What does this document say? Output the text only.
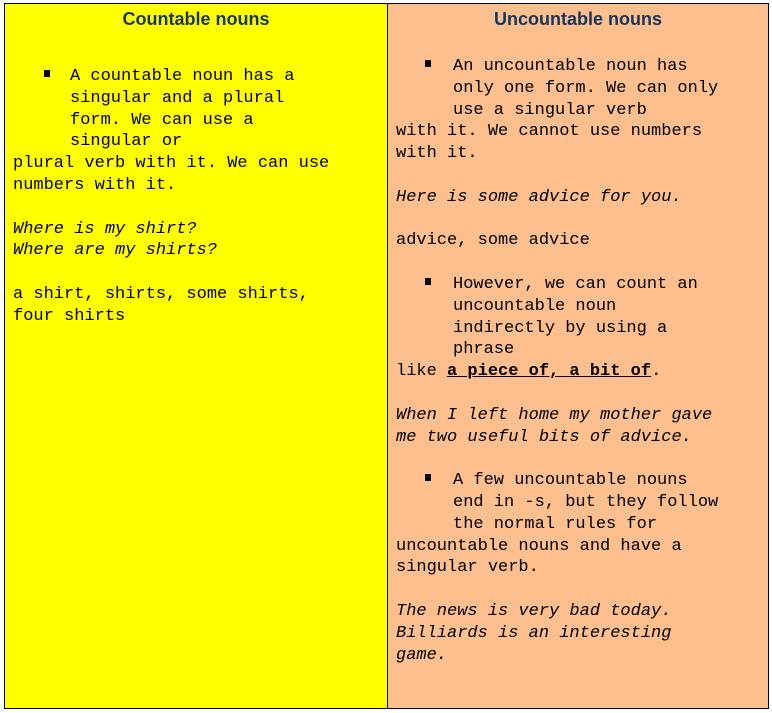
Countable nouns
A countable noun has a
singular and a plural
form. We can use a
singular or
plural verb with it. We can use
numbers with it.
Where is my shirt?
Where are my shirts?
a shirt, shirts, some shirts,
four shirts
Uncountable nouns
An uncountable noun has
only one form. We can only
use a singular verb
with it. We cannot use numbers
with it.
Here is some advice for you.
advice, some advice
However, we can count an
uncountable noun
indirectly by using a
phrase
like a piece of, a bit of.
When I left home my mother gave
me two useful bits of advice.
A few uncountable nouns
end in -s, but they follow
the normal rules for
uncountable nouns and have a
singular verb.
The news is very bad today.
Billiards is an interesting
game.
